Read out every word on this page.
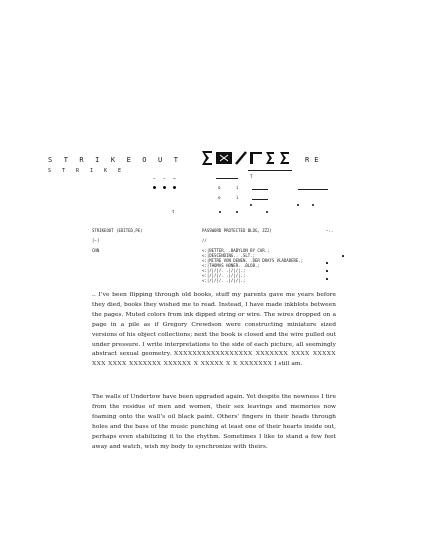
STRIKEOUT
STRIKE
RE
− − →	T
o	i
o	i
t
STRIKEOUT (EDITED,PE)
[−]
CNN
PASSWORD PROTECTED BLOG, ZZ2)
//
<:|BETTER. .BABYLON BY CAR.;
<:|DESCENDING.. .SLT.;
<:|MITRE VON DENEN. .DER DRAYS VLADADERE.;
<:|THOMAS HONER. .BLOB.;
<:|/|/|/. .|/|/|.;
<:|/|/|/. .|/|/|.;
<:|/|/|/. .|/|/|.;
—..
.. I’ve been flipping through old books, stuff my parents gave me years before they died, books they wished me to read. Instead, I have made inkblots between the pages. Muted colors from ink dipped string or wire. The wires dropped on a page in a pile as if Gregory Crewdson were constructing miniature sized versions of his object collections; next the book is closed and the wire pulled out under pressure. I write interpretations to the side of each picture, all seemingly abstract sexual geometry. XXXXXXXXXXXXXXXXX XXXXXXX XXXX XXXXX XXX XXXX XXXXXXX XXXXXX X XXXXX X X XXXXXXX I still am.
The walls of Undertow have been upgraded again. Yet despite the newness I tire from the residue of men and women, their sex leavings and memories now foaming onto the wall’s oil black paint. Others’ fingers in their heads through holes and the bass of the music punching at least one of their hearts inside out, perhaps even stabilizing it to the rhythm. Sometimes I like to stand a few feet away and watch, wish my body to synchronize with theirs.
